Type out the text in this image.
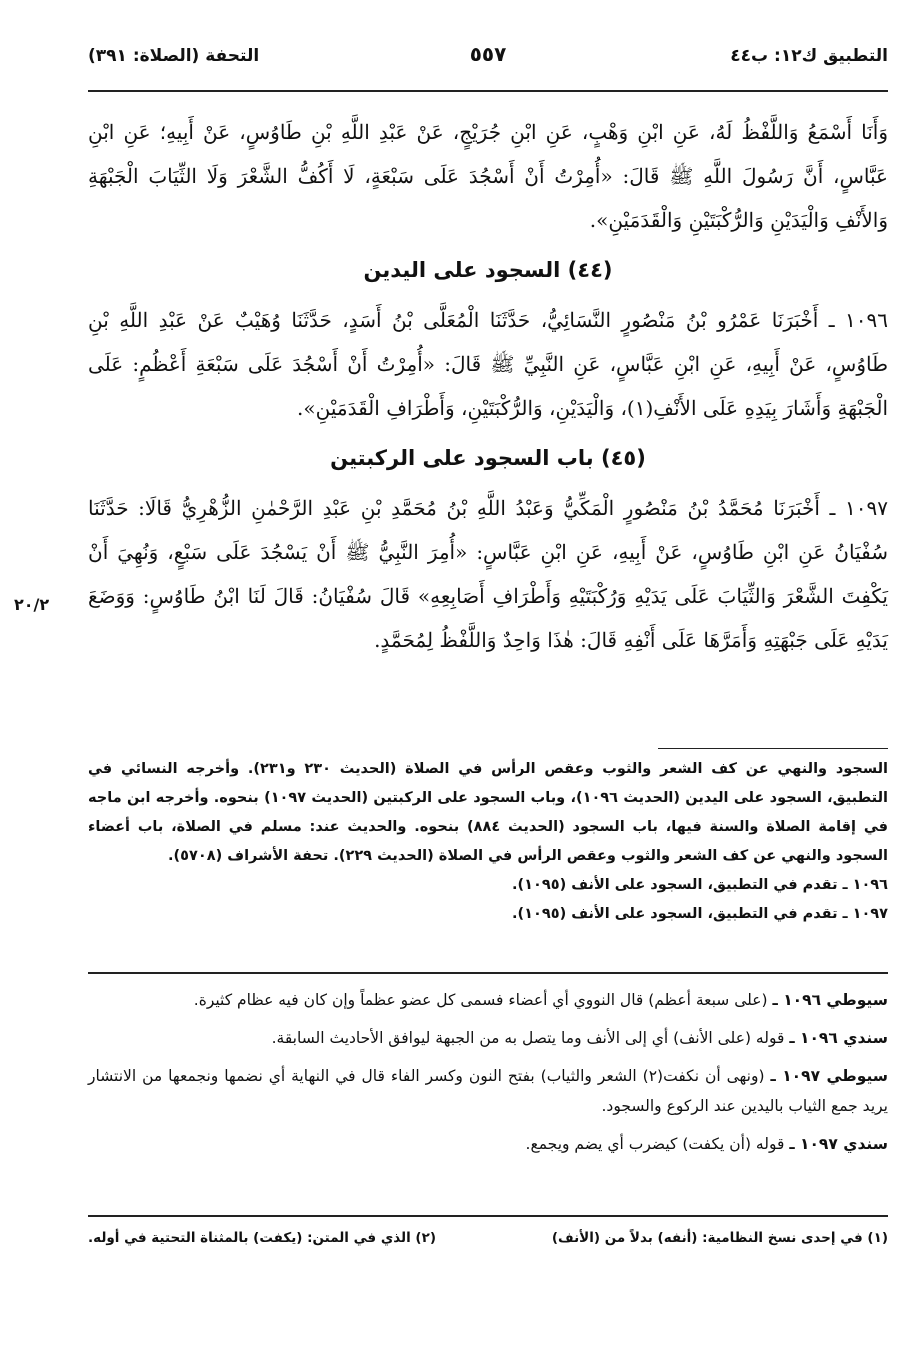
التطبيق ك١٢: ب٤٤
٥٥٧
التحفة (الصلاة: ٣٩١)

وَأَنَا أَسْمَعُ وَاللَّفْظُ لَهُ، عَنِ ابْنِ وَهْبٍ، عَنِ ابْنِ جُرَيْجٍ، عَنْ عَبْدِ اللَّهِ بْنِ طَاوُسٍ، عَنْ أَبِيهِ؛ عَنِ ابْنِ عَبَّاسٍ، أَنَّ رَسُولَ اللَّهِ ﷺ قَالَ: «أُمِرْتُ أَنْ أَسْجُدَ عَلَى سَبْعَةٍ، لَا أَكُفُّ الشَّعْرَ وَلَا الثِّيَابَ الْجَبْهَةِ وَالأَنْفِ وَالْيَدَيْنِ وَالرُّكْبَتَيْنِ وَالْقَدَمَيْنِ».

(٤٤) السجود على اليدين

١٠٩٦ ـ أَخْبَرَنَا عَمْرُو بْنُ مَنْصُورٍ النَّسَائِيُّ، حَدَّثَنَا الْمُعَلَّى بْنُ أَسَدٍ، حَدَّثَنَا وُهَيْبٌ عَنْ عَبْدِ اللَّهِ بْنِ طَاوُسٍ، عَنْ أَبِيهِ، عَنِ ابْنِ عَبَّاسٍ، عَنِ النَّبِيِّ ﷺ قَالَ: «أُمِرْتُ أَنْ أَسْجُدَ عَلَى سَبْعَةِ أَعْظُمٍ: عَلَى الْجَبْهَةِ وَأَشَارَ بِيَدِهِ عَلَى الأَنْفِ(١)، وَالْيَدَيْنِ، وَالرُّكْبَتَيْنِ، وَأَطْرَافِ الْقَدَمَيْنِ».

(٤٥) باب السجود على الركبتين

١٠٩٧ ـ أَخْبَرَنَا مُحَمَّدُ بْنُ مَنْصُورٍ الْمَكِّيُّ وَعَبْدُ اللَّهِ بْنُ مُحَمَّدِ بْنِ عَبْدِ الرَّحْمٰنِ الزُّهْرِيُّ قَالَا: حَدَّثَنَا سُفْيَانُ عَنِ ابْنِ طَاوُسٍ، عَنْ أَبِيهِ، عَنِ ابْنِ عَبَّاسٍ: «أُمِرَ النَّبِيُّ ﷺ أَنْ يَسْجُدَ عَلَى سَبْعٍ، وَنُهِيَ أَنْ يَكْفِتَ الشَّعْرَ وَالثِّيَابَ عَلَى يَدَيْهِ وَرُكْبَتَيْهِ وَأَطْرَافِ أَصَابِعِهِ» قَالَ سُفْيَانُ: قَالَ لَنَا ابْنُ طَاوُسٍ: وَوَضَعَ يَدَيْهِ عَلَى جَبْهَتِهِ وَأَمَرَّهَا عَلَى أَنْفِهِ قَالَ: هٰذَا وَاحِدٌ وَاللَّفْظُ لِمُحَمَّدٍ.

٢٠/٢

السجود والنهي عن كف الشعر والثوب وعقص الرأس في الصلاة (الحديث ٢٣٠ و٢٣١). وأخرجه النسائي في التطبيق، السجود على اليدين (الحديث ١٠٩٦)، وباب السجود على الركبتين (الحديث ١٠٩٧) بنحوه. وأخرجه ابن ماجه في إقامة الصلاة والسنة فيها، باب السجود (الحديث ٨٨٤) بنحوه. والحديث عند: مسلم في الصلاة، باب أعضاء السجود والنهي عن كف الشعر والثوب وعقص الرأس في الصلاة (الحديث ٢٢٩). تحفة الأشراف (٥٧٠٨).

١٠٩٦ ـ تقدم في التطبيق، السجود على الأنف (١٠٩٥).

١٠٩٧ ـ تقدم في التطبيق، السجود على الأنف (١٠٩٥).

سيوطي ١٠٩٦ ـ (على سبعة أعظم) قال النووي أي أعضاء فسمى كل عضو عظماً وإن كان فيه عظام كثيرة.

سندي ١٠٩٦ ـ قوله (على الأنف) أي إلى الأنف وما يتصل به من الجبهة ليوافق الأحاديث السابقة.

سيوطي ١٠٩٧ ـ (ونهى أن نكفت(٢) الشعر والثياب) بفتح النون وكسر الفاء قال في النهاية أي نضمها ونجمعها من الانتشار يريد جمع الثياب باليدين عند الركوع والسجود.

سندي ١٠٩٧ ـ قوله (أن يكفت) كيضرب أي يضم ويجمع.

(١) في إحدى نسخ النظامية: (أنفه) بدلاً من (الأنف)
(٢) الذي في المتن: (يكفت) بالمثناة التحتية في أوله.
